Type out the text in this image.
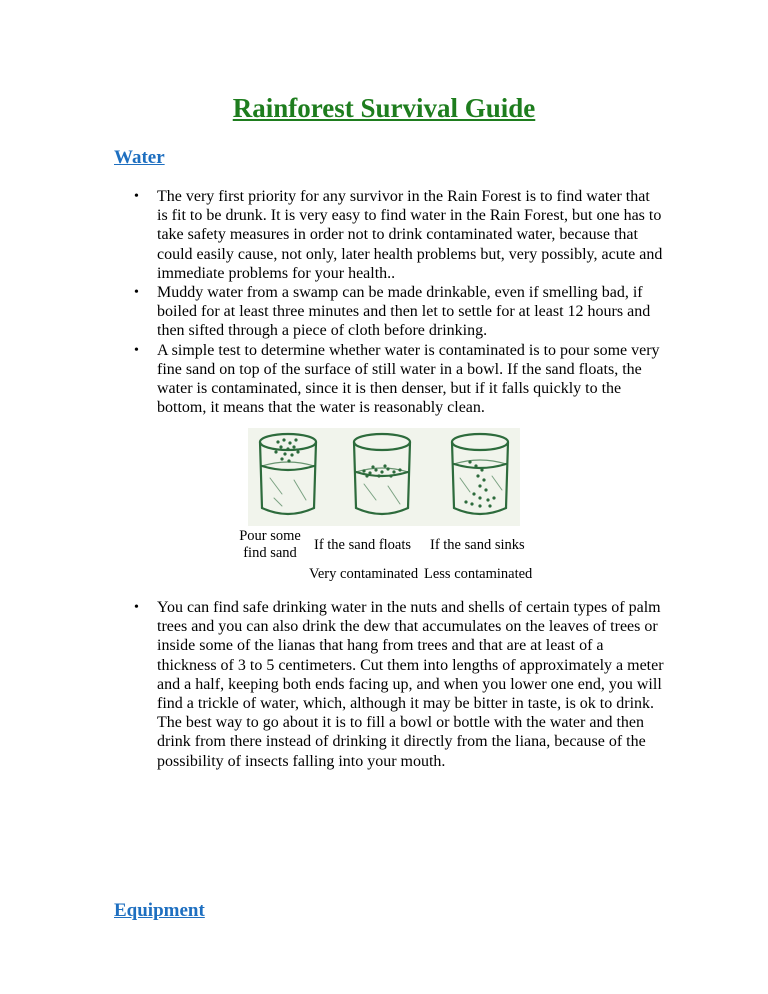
Rainforest Survival Guide
Water
• The very first priority for any survivor in the Rain Forest is to find water that is fit to be drunk. It is very easy to find water in the Rain Forest, but one has to take safety measures in order not to drink contaminated water, because that could easily cause, not only, later health problems but, very possibly, acute and immediate problems for your health..
• Muddy water from a swamp can be made drinkable, even if smelling bad, if boiled for at least three minutes and then let to settle for at least 12 hours and then sifted through a piece of cloth before drinking.
• A simple test to determine whether water is contaminated is to pour some very fine sand on top of the surface of still water in a bowl. If the sand floats, the water is contaminated, since it is then denser, but if it falls quickly to the bottom, it means that the water is reasonably clean.
Pour some find sand	If the sand floats If the sand sinks
Very contaminated Less contaminated
• You can find safe drinking water in the nuts and shells of certain types of palm trees and you can also drink the dew that accumulates on the leaves of trees or inside some of the lianas that hang from trees and that are at least of a thickness of 3 to 5 centimeters. Cut them into lengths of approximately a meter and a half, keeping both ends facing up, and when you lower one end, you will find a trickle of water, which, although it may be bitter in taste, is ok to drink. The best way to go about it is to fill a bowl or bottle with the water and then drink from there instead of drinking it directly from the liana, because of the possibility of insects falling into your mouth.
Equipment
